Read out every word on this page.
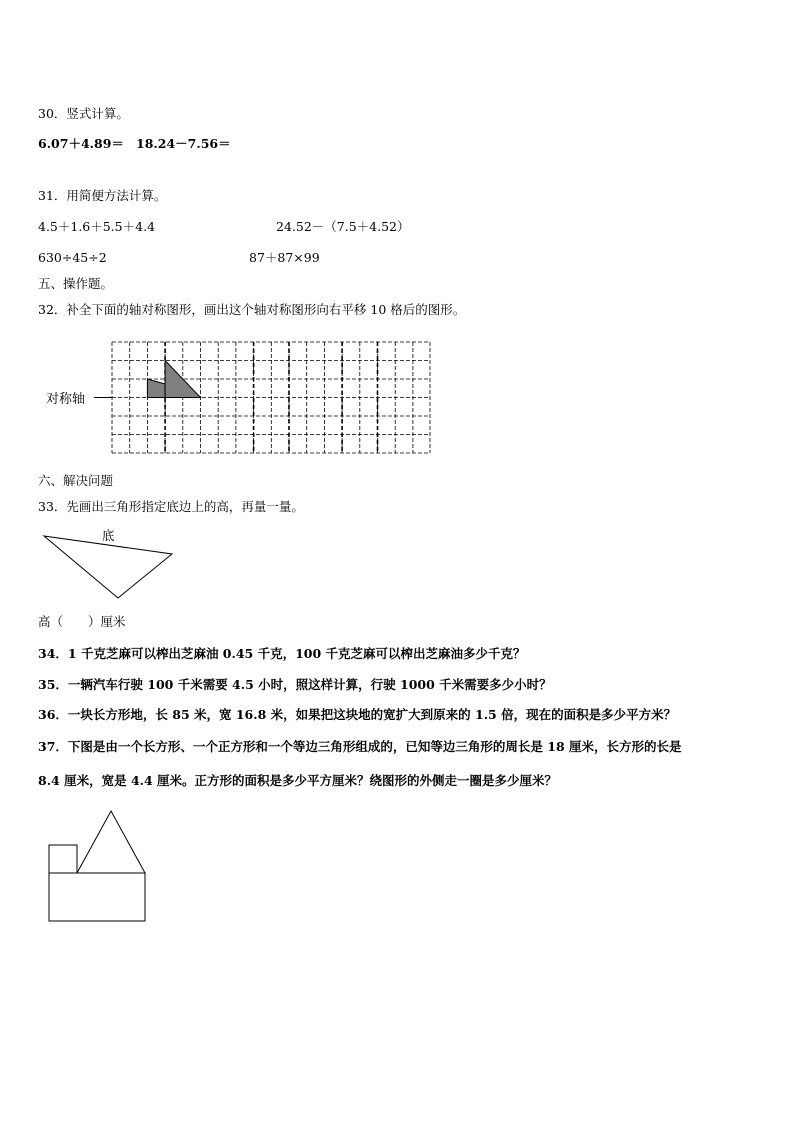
30．竖式计算。
6.07＋4.89＝ 18.24－7.56＝
31．用简便方法计算。
4.5＋1.6＋5.5＋4.4	24.52－（7.5＋4.52）
630÷45÷2	87＋87×99
五、操作题。
32．补全下面的轴对称图形，画出这个轴对称图形向右平移 10 格后的图形。
对称轴
六、解决问题
33．先画出三角形指定底边上的高，再量一量。
底
高（　　）厘米
34．1 千克芝麻可以榨出芝麻油 0.45 千克，100 千克芝麻可以榨出芝麻油多少千克？
35．一辆汽车行驶 100 千米需要 4.5 小时，照这样计算，行驶 1000 千米需要多少小时？
36．一块长方形地，长 85 米，宽 16.8 米，如果把这块地的宽扩大到原来的 1.5 倍，现在的面积是多少平方米？
37．下图是由一个长方形、一个正方形和一个等边三角形组成的，已知等边三角形的周长是 18 厘米，长方形的长是
8.4 厘米，宽是 4.4 厘米。正方形的面积是多少平方厘米？绕图形的外侧走一圈是多少厘米？
